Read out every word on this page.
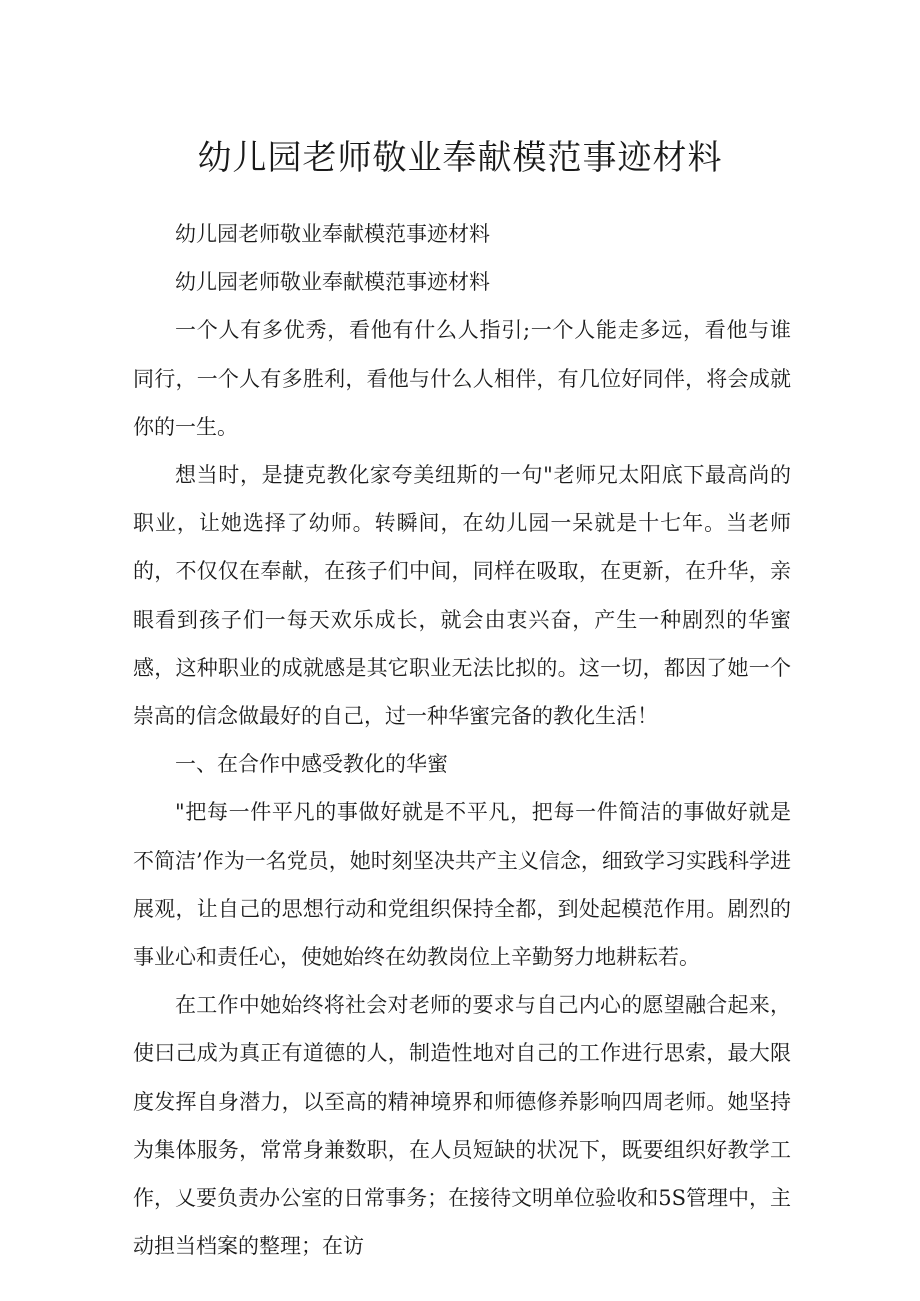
幼儿园老师敬业奉献模范事迹材料

幼儿园老师敬业奉献模范事迹材料

幼儿园老师敬业奉献模范事迹材料

一个人有多优秀，看他有什么人指引;一个人能走多远，看他与谁同行，一个人有多胜利，看他与什么人相伴，有几位好同伴，将会成就你的一生。

想当时，是捷克教化家夸美纽斯的一句"老师兄太阳底下最高尚的职业，让她选择了幼师。转瞬间，在幼儿园一呆就是十七年。当老师的，不仅仅在奉献，在孩子们中间，同样在吸取，在更新，在升华，亲眼看到孩子们一每天欢乐成长，就会由衷兴奋，产生一种剧烈的华蜜感，这种职业的成就感是其它职业无法比拟的。这一切，都因了她一个崇高的信念做最好的自己，过一种华蜜完备的教化生活！

一、在合作中感受教化的华蜜

"把每一件平凡的事做好就是不平凡，把每一件简洁的事做好就是不简洁’作为一名党员，她时刻坚决共产主义信念，细致学习实践科学进展观，让自己的思想行动和党组织保持全都，到处起模范作用。剧烈的事业心和责任心，使她始终在幼教岗位上辛勤努力地耕耘若。

在工作中她始终将社会对老师的要求与自己内心的愿望融合起来，使曰己成为真正有道德的人，制造性地对自己的工作进行思索，最大限度发挥自身潜力，以至高的精神境界和师德修养影响四周老师。她坚持为集体服务，常常身兼数职，在人员短缺的状况下，既要组织好教学工作，乂要负责办公室的日常事务；在接待文明单位验收和5S管理中，主动担当档案的整理；在访
